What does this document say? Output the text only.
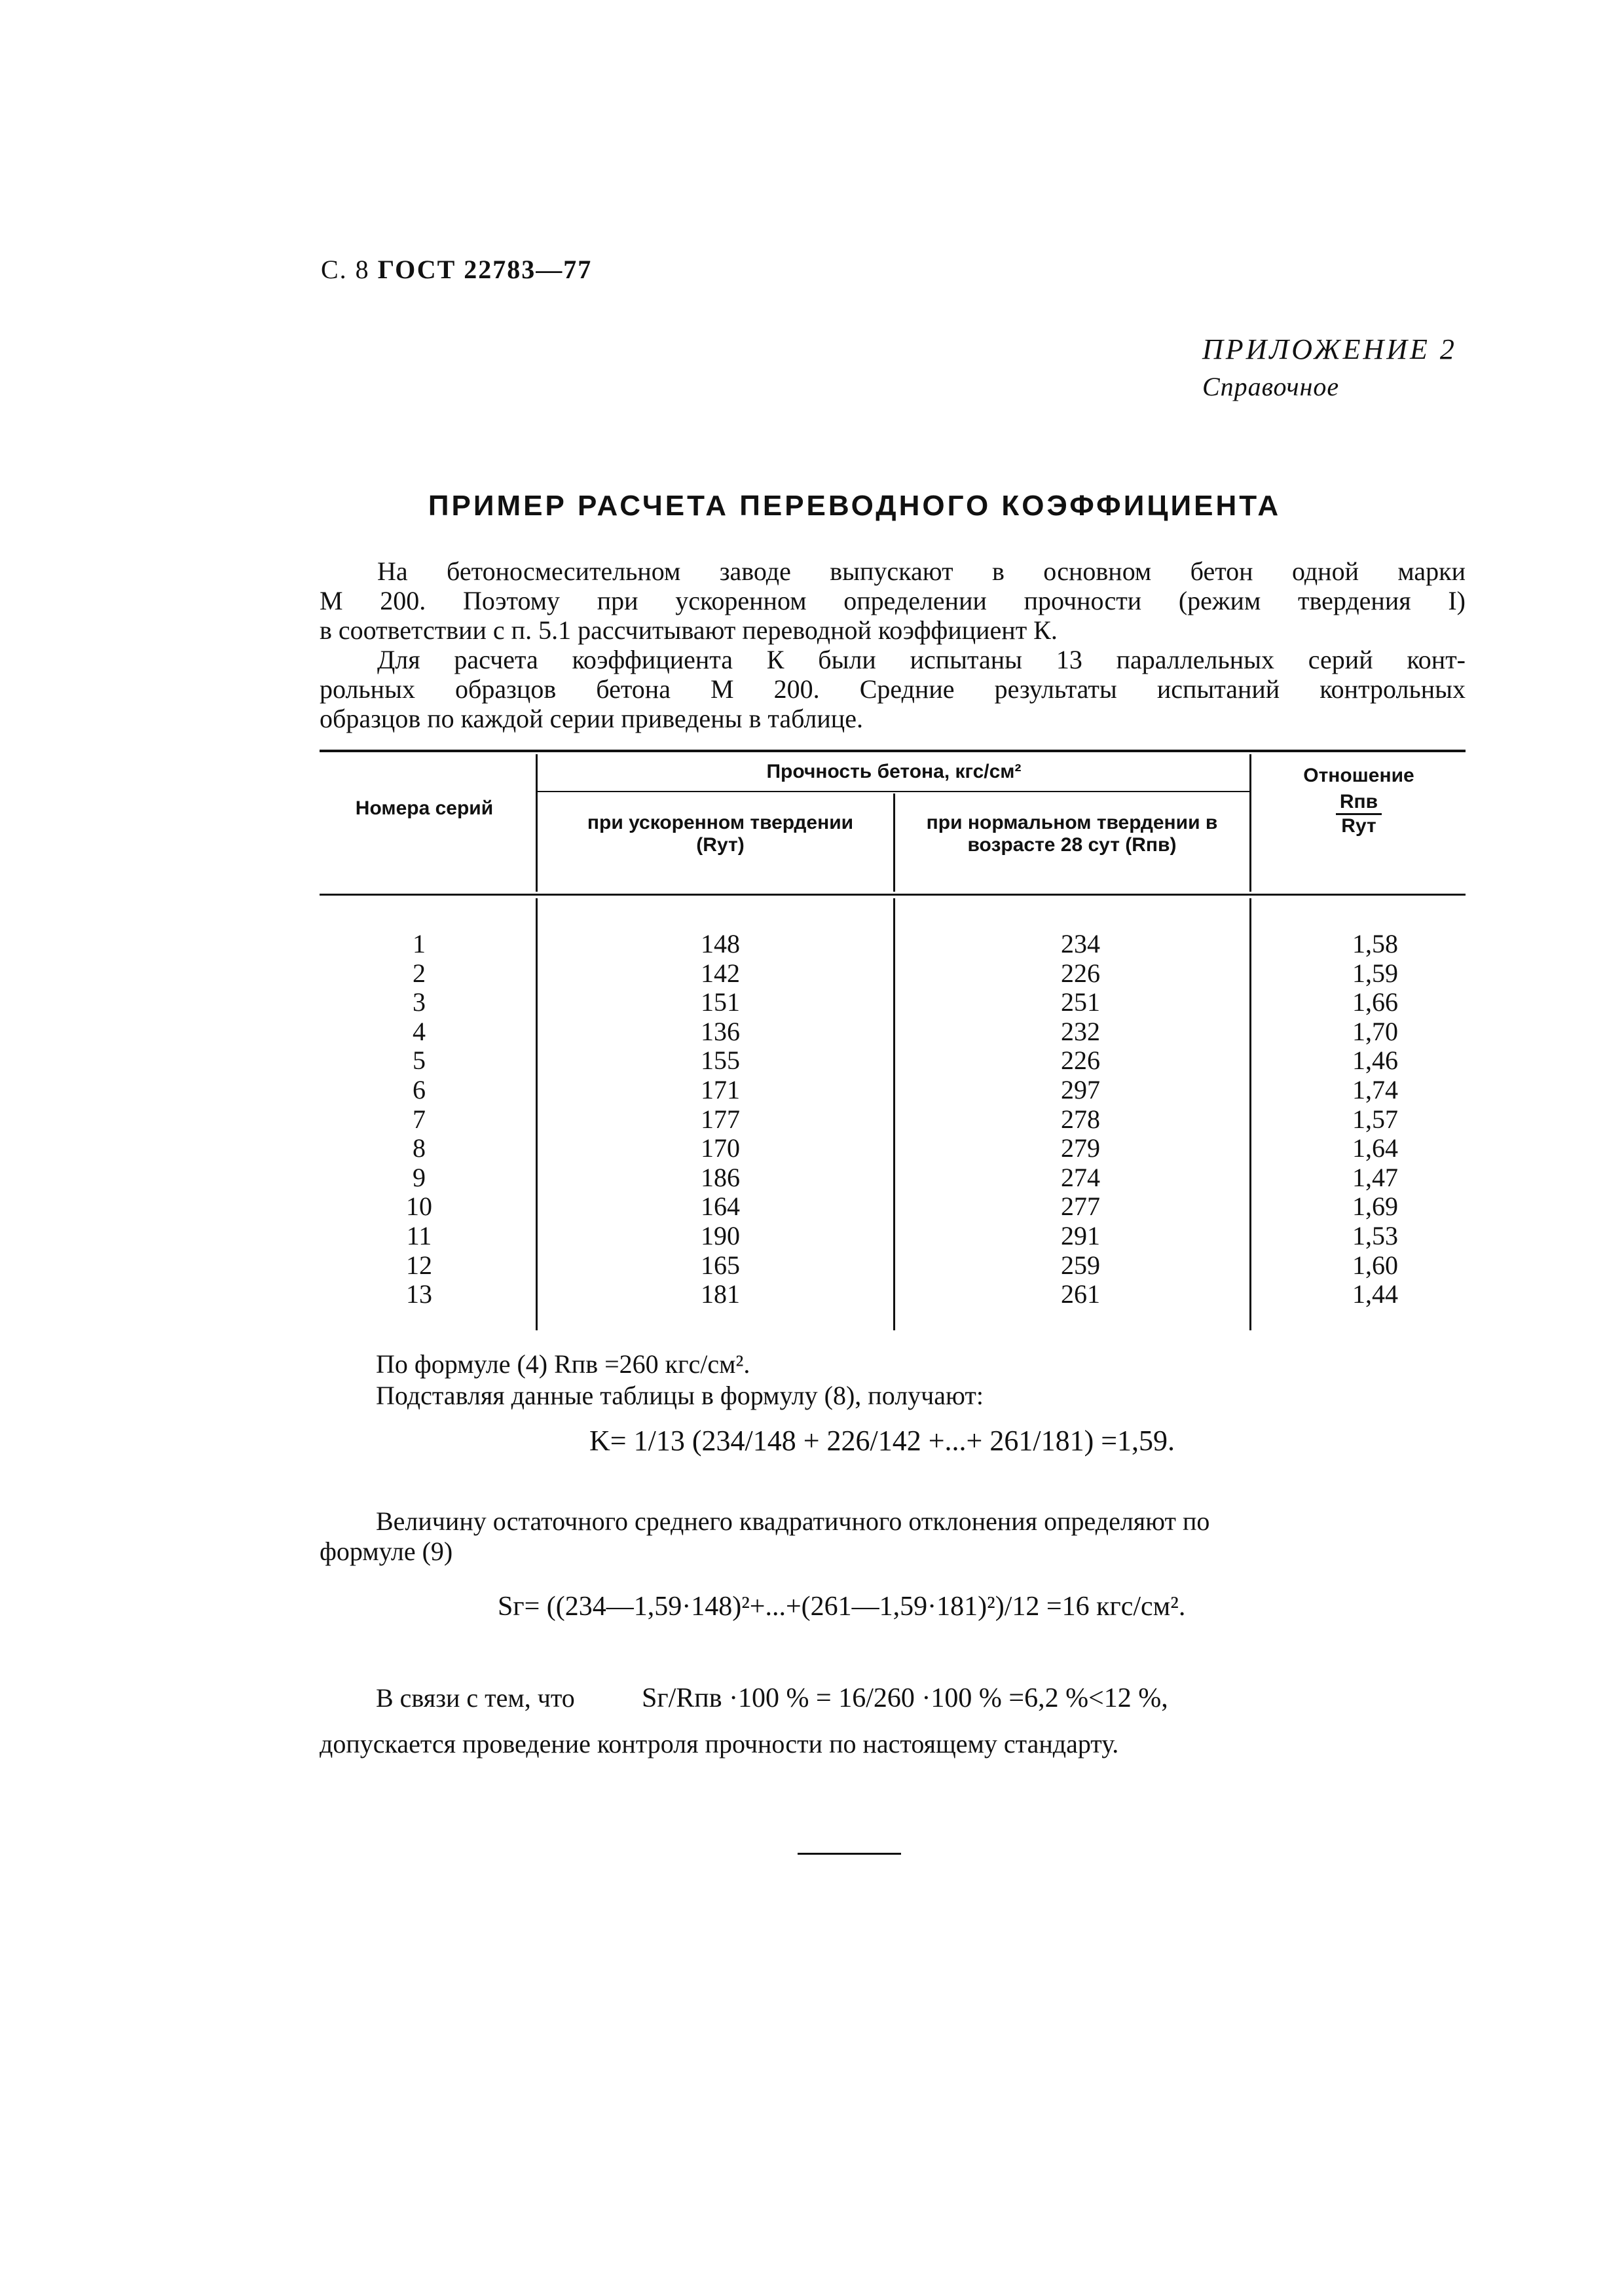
С. 8 ГОСТ 22783—77
ПРИЛОЖЕНИЕ 2
Справочное
ПРИМЕР РАСЧЕТА ПЕРЕВОДНОГО КОЭФФИЦИЕНТА
На бетоносмесительном заводе выпускают в основном бетон одной марки
М 200. Поэтому при ускоренном определении прочности (режим твердения I)
в соответствии с п. 5.1 рассчитывают переводной коэффициент К.
Для расчета коэффициента К были испытаны 13 параллельных серий конт-
рольных образцов бетона М 200. Средние результаты испытаний контрольных
образцов по каждой серии приведены в таблице.
Номера серий
Прочность бетона, кгс/см²
при ускоренном твердении (Rут)
при нормальном твердении в возрасте 28 сут (Rпв)
Отношение
Rпв
Rут
1
2
3
4
5
6
7
8
9
10
11
12
13
148
142
151
136
155
171
177
170
186
164
190
165
181
234
226
251
232
226
297
278
279
274
277
291
259
261
1,58
1,59
1,66
1,70
1,46
1,74
1,57
1,64
1,47
1,69
1,53
1,60
1,44
По формуле (4) Rпв =260 кгс/см².
Подставляя данные таблицы в формулу (8), получают:
K= 1/13 (234/148 + 226/142 +...+ 261/181) =1,59.
Величину остаточного среднего квадратичного отклонения определяют по
формуле (9)
Sг= ((234—1,59·148)²+...+(261—1,59·181)²)/12 =16 кгс/см².
В связи с тем, что Sг/Rпв ·100 % = 16/260 ·100 % =6,2 %<12 %,
допускается проведение контроля прочности по настоящему стандарту.
